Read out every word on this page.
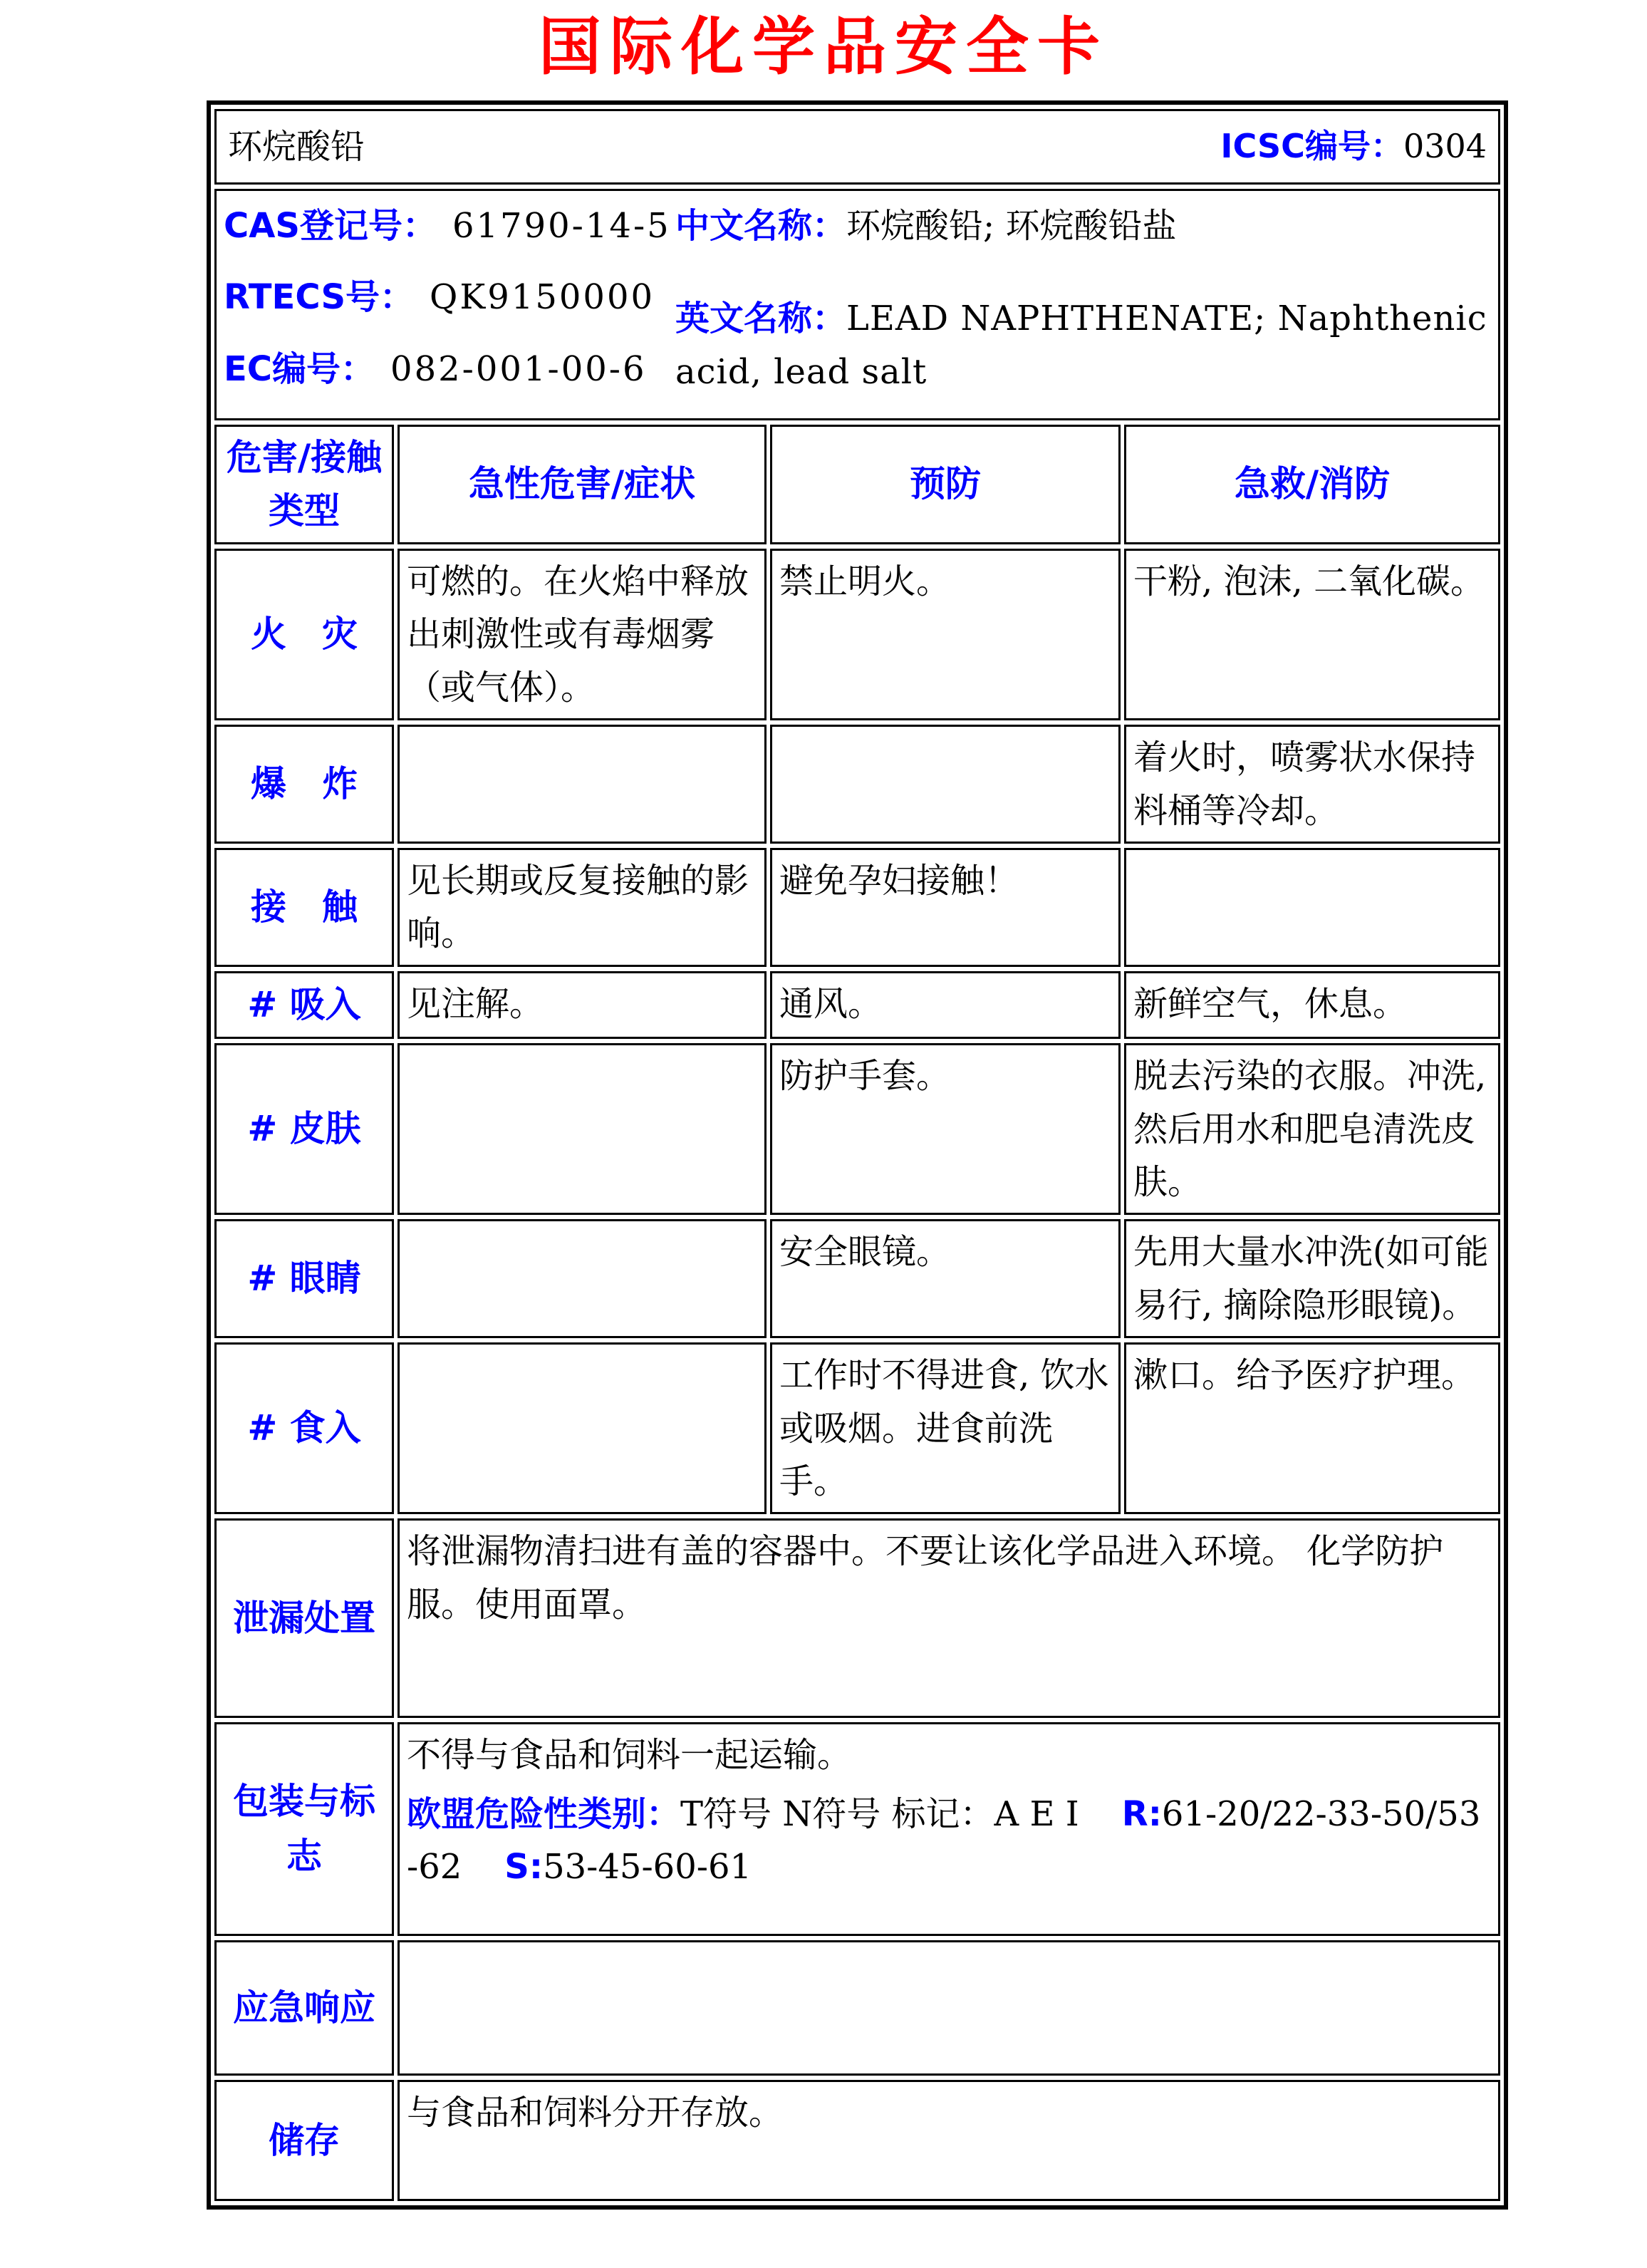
国际化学品安全卡
环烷酸铅 ICSC编号：0304			

CAS登记号： 61790-14-5
RTECS号： QK9150000
EC编号： 082-001-00-6
中文名称：环烷酸铅; 环烷酸铅盐
英文名称：LEAD NAPHTHENATE; Naphthenic acid, lead salt			

危害/接触类型	急性危害/症状	预防	急救/消防
火　灾	可燃的。在火焰中释放出刺激性或有毒烟雾（或气体）。	禁止明火。	干粉, 泡沫, 二氧化碳。
爆　炸			着火时，喷雾状水保持料桶等冷却。
接　触	见长期或反复接触的影响。	避免孕妇接触！	
# 吸入	见注解。	通风。	新鲜空气，休息。
# 皮肤		防护手套。	脱去污染的衣服。冲洗, 然后用水和肥皂清洗皮肤。
# 眼睛		安全眼镜。	先用大量水冲洗(如可能易行, 摘除隐形眼镜)。
# 食入		工作时不得进食, 饮水或吸烟。进食前洗手。	漱口。给予医疗护理。
泄漏处置	将泄漏物清扫进有盖的容器中。不要让该化学品进入环境。 化学防护服。使用面罩。		
包装与标志	不得与食品和饲料一起运输。
欧盟危险性类别：T符号 N符号 标记：A E I R:61-20/22-33-50/53-62 S:53-45-60-61		

应急响应			
储存	与食品和饲料分开存放。		
